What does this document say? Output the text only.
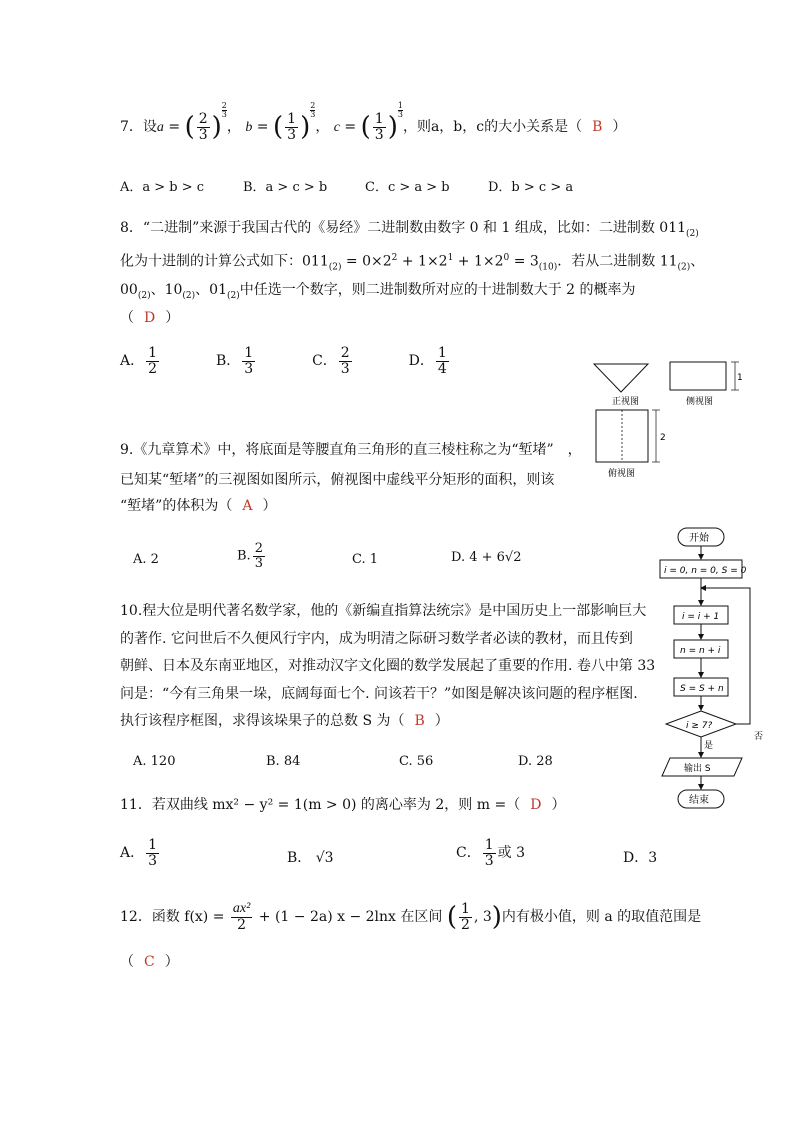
7．设a = ( $\frac{2}{3}$ )
$\frac{2}{3}$
， b = ( $\frac{1}{3}$ )
$\frac{2}{3}$
， c = ( $\frac{1}{3}$ )
$\frac{1}{3}$
，则a，b，c的大小关系是（ B ）
A．a > b > c	B．a > c > b	C．c > a > b	D．b > c > a
8．“二进制”来源于我国古代的《易经》二进制数由数字 0 和 1 组成，比如：二进制数 $011_{(2)}$
化为十进制的计算公式如下：$011_{(2)} = 0\times 2^2 + 1\times 2^1 + 1\times 2^0 = 3_{(10)}$．若从二进制数 $11_{(2)}$、
$00_{(2)}$、$10_{(2)}$、$01_{(2)}$中任选一个数字，则二进制数所对应的十进制数大于 2 的概率为
（ D ）
A． $\frac{1}{2}$	B． $\frac{1}{3}$	C． $\frac{2}{3}$	D． $\frac{1}{4}$
正视图
1
侧视图
2
俯视图
9.《九章算术》中，将底面是等腰直角三角形的直三棱柱称之为“堑堵” ，
已知某“堑堵”的三视图如图所示，俯视图中虚线平分矩形的面积，则该
“堑堵”的体积为（ A ）
A. 2	B. $\frac{2}{3}$	C. 1	D. 4 + 6√2
开始
i = 0, n = 0, S = 0
i = i + 1
n = n + i
S = S + n
i ≥ 7?
否
是
输出 S
结束
10.程大位是明代著名数学家，他的《新编直指算法统宗》是中国历史上一部影响巨大
的著作. 它问世后不久便风行宇内，成为明清之际研习数学者必读的教材，而且传到
朝鲜、日本及东南亚地区，对推动汉字文化圈的数学发展起了重要的作用. 卷八中第 33
问是：“今有三角果一垛，底阔每面七个. 问该若干？”如图是解决该问题的程序框图.
执行该程序框图，求得该垛果子的总数 S 为（ B ）
A. 120	B. 84	C. 56	D. 28
11．若双曲线 mx² − y² = 1(m > 0) 的离心率为 2，则 m =（ D ）
A． $\frac{1}{3}$	B． √3	C． $\frac{1}{3}$ 或 3	D．3
12．函数 $f(x) = \frac{\text{ax²}}{2} + (1 - 2a) x - 2\ln x$ 在区间 ( $\frac{1}{2}$ , 3)内有极小值，则 a 的取值范围是
（ C ）
